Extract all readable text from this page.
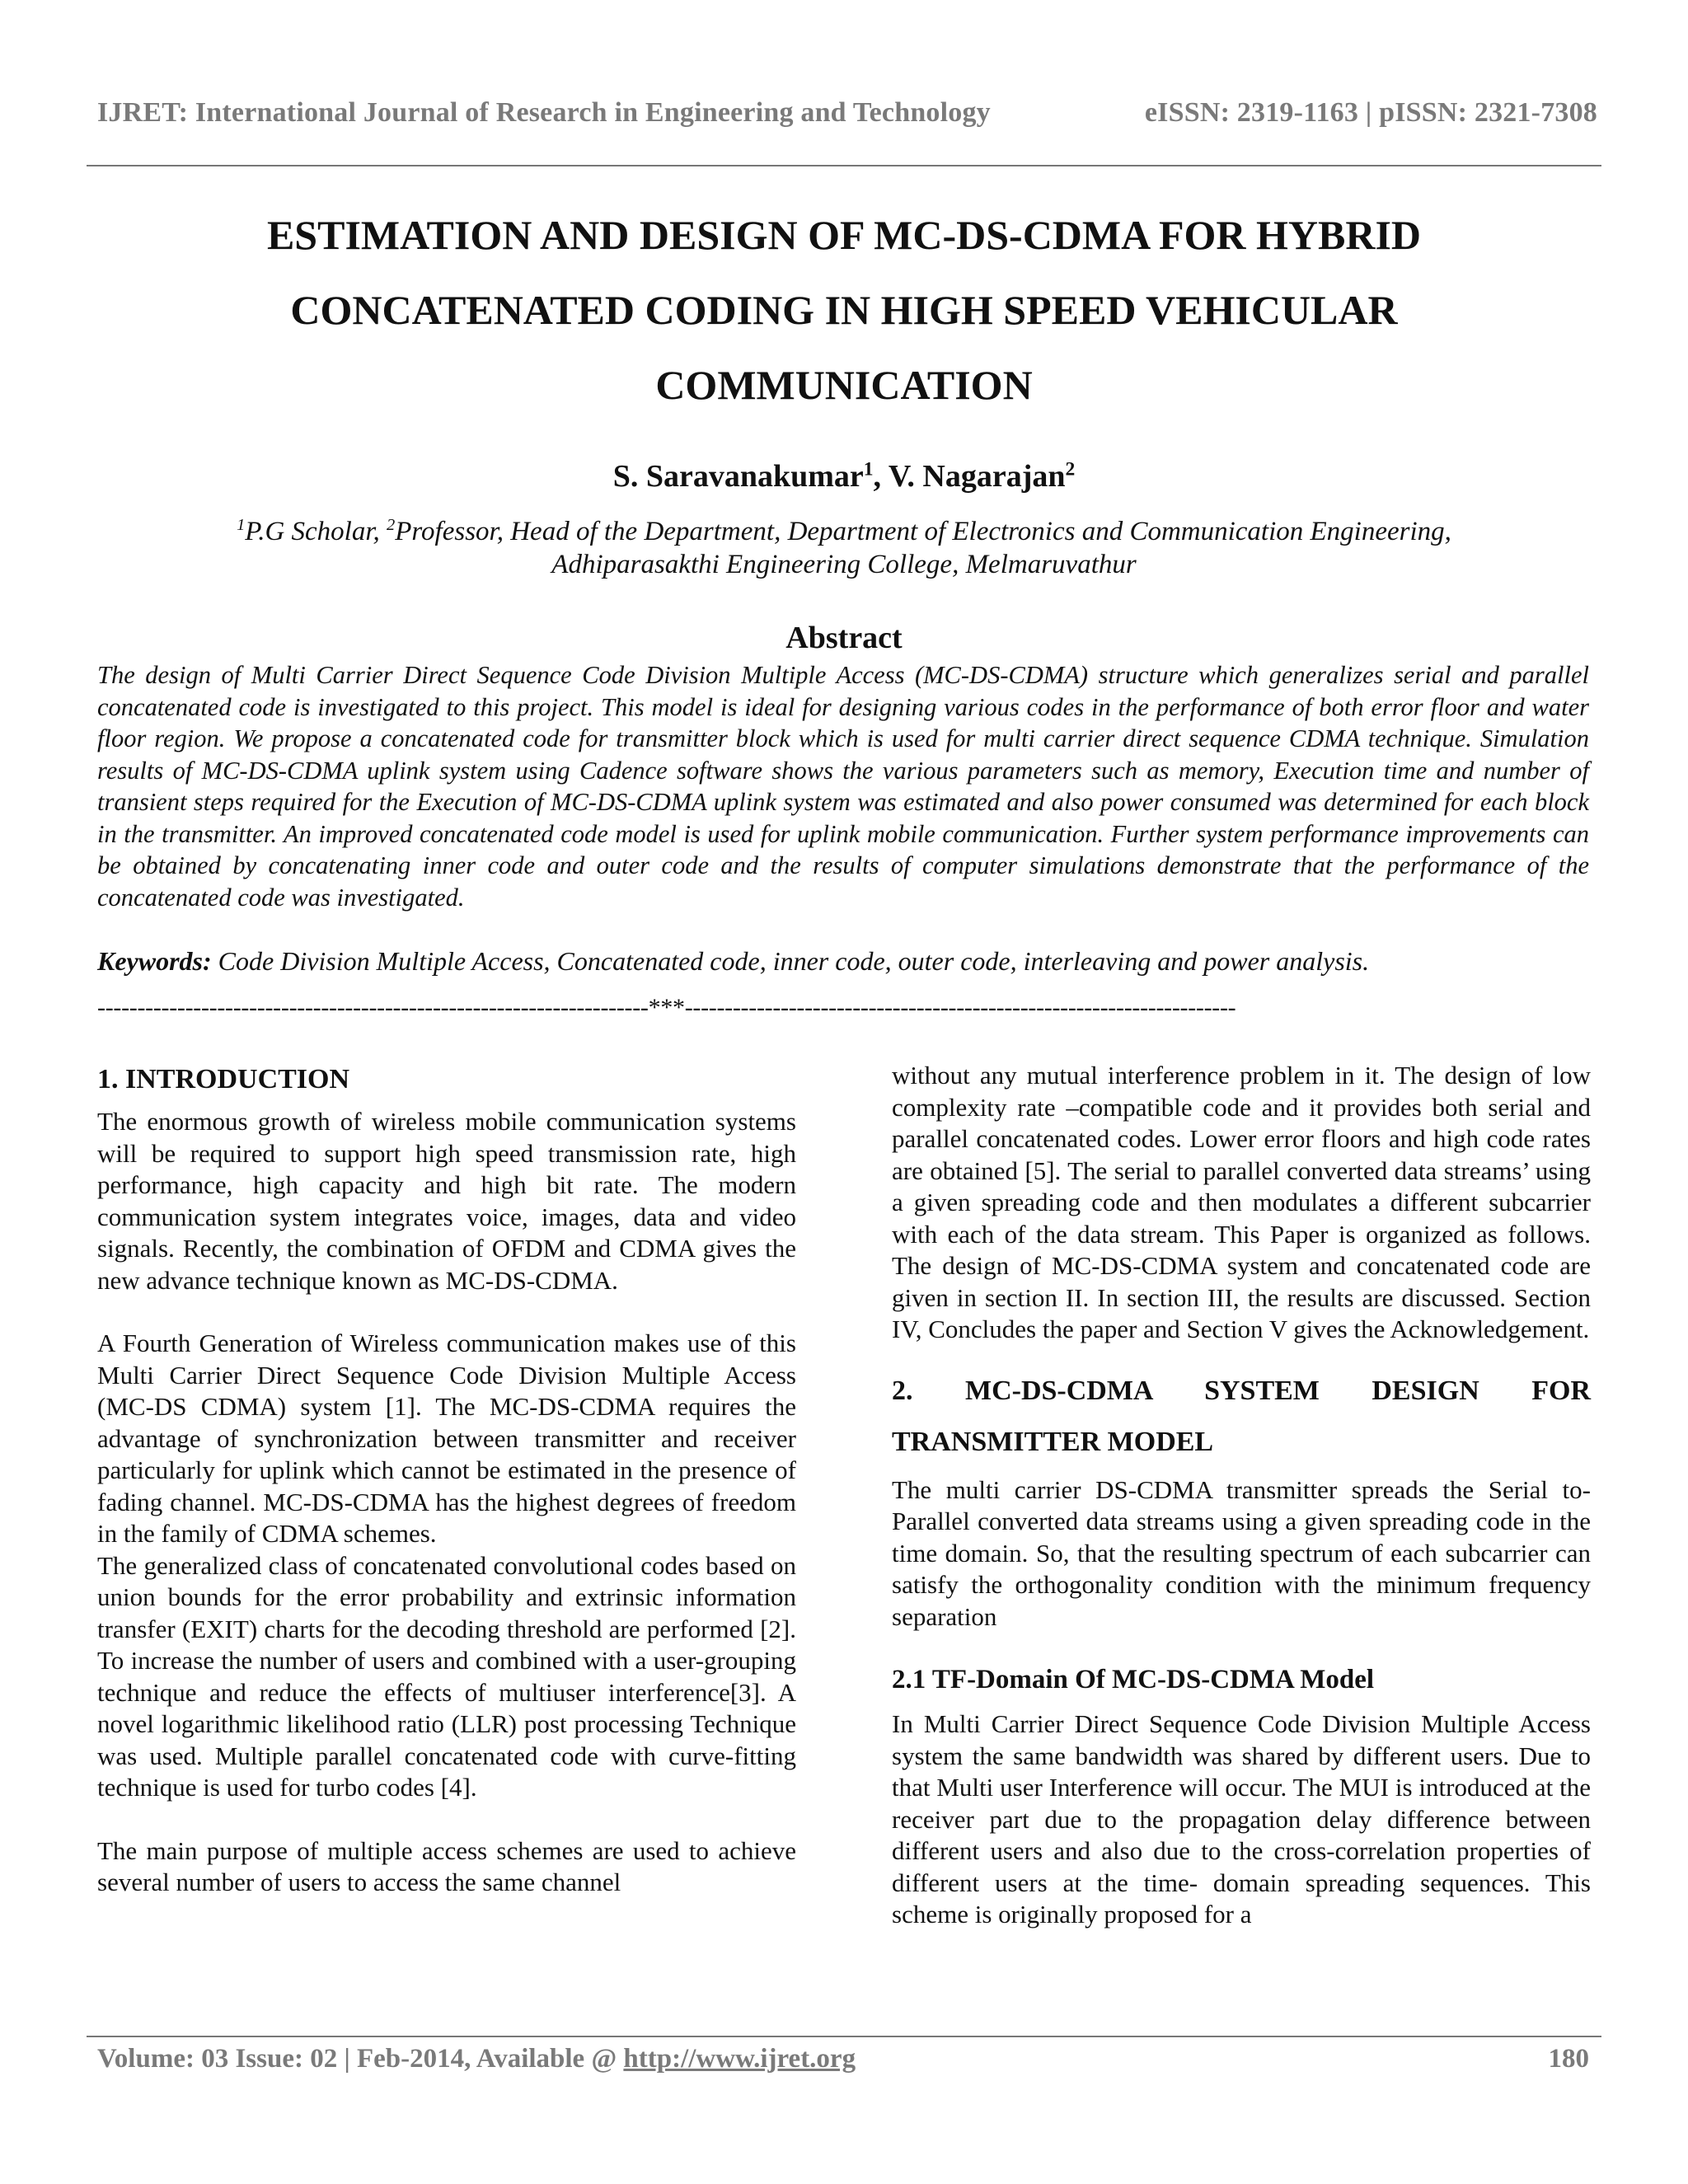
IJRET: International Journal of Research in Engineering and Technology	eISSN: 2319-1163 | pISSN: 2321-7308
ESTIMATION AND DESIGN OF MC-DS-CDMA FOR HYBRID CONCATENATED CODING IN HIGH SPEED VEHICULAR COMMUNICATION
S. Saravanakumar$^1$, V. Nagarajan$^2$
$^1$P.G Scholar, $^2$Professor, Head of the Department, Department of Electronics and Communication Engineering,
Adhiparasakthi Engineering College, Melmaruvathur
Abstract

The design of Multi Carrier Direct Sequence Code Division Multiple Access (MC-DS-CDMA) structure which generalizes serial and parallel concatenated code is investigated to this project. This model is ideal for designing various codes in the performance of both error floor and water floor region. We propose a concatenated code for transmitter block which is used for multi carrier direct sequence CDMA technique. Simulation results of MC-DS-CDMA uplink system using Cadence software shows the various parameters such as memory, Execution time and number of transient steps required for the Execution of MC-DS-CDMA uplink system was estimated and also power consumed was determined for each block in the transmitter. An improved concatenated code model is used for uplink mobile communication. Further system performance improvements can be obtained by concatenating inner code and outer code and the results of computer simulations demonstrate that the performance of the concatenated code was investigated.

Keywords: Code Division Multiple Access, Concatenated code, inner code, outer code, interleaving and power analysis.

---------------------------------------------------------------------***---------------------------------------------------------------------
1. INTRODUCTION

The enormous growth of wireless mobile communication systems will be required to support high speed transmission rate, high performance, high capacity and high bit rate. The modern communication system integrates voice, images, data and video signals. Recently, the combination of OFDM and CDMA gives the new advance technique known as MC-DS-CDMA.

A Fourth Generation of Wireless communication makes use of this Multi Carrier Direct Sequence Code Division Multiple Access (MC-DS CDMA) system [1]. The MC-DS-CDMA requires the advantage of synchronization between transmitter and receiver particularly for uplink which cannot be estimated in the presence of fading channel. MC-DS-CDMA has the highest degrees of freedom in the family of CDMA schemes.

The generalized class of concatenated convolutional codes based on union bounds for the error probability and extrinsic information transfer (EXIT) charts for the decoding threshold are performed [2]. To increase the number of users and combined with a user-grouping technique and reduce the effects of multiuser interference[3]. A novel logarithmic likelihood ratio (LLR) post processing Technique was used. Multiple parallel concatenated code with curve-fitting technique is used for turbo codes [4].

The main purpose of multiple access schemes are used to achieve several number of users to access the same channel

without any mutual interference problem in it. The design of low complexity rate –compatible code and it provides both serial and parallel concatenated codes. Lower error floors and high code rates are obtained [5]. The serial to parallel converted data streams’ using a given spreading code and then modulates a different subcarrier with each of the data stream. This Paper is organized as follows. The design of MC-DS-CDMA system and concatenated code are given in section II. In section III, the results are discussed. Section IV, Concludes the paper and Section V gives the Acknowledgement.

2. MC-DS-CDMA SYSTEM DESIGN FOR
TRANSMITTER MODEL

The multi carrier DS-CDMA transmitter spreads the Serial to-Parallel converted data streams using a given spreading code in the time domain. So, that the resulting spectrum of each subcarrier can satisfy the orthogonality condition with the minimum frequency separation

2.1 TF-Domain Of MC-DS-CDMA Model

In Multi Carrier Direct Sequence Code Division Multiple Access system the same bandwidth was shared by different users. Due to that Multi user Interference will occur. The MUI is introduced at the receiver part due to the propagation delay difference between different users and also due to the cross-correlation properties of different users at the time- domain spreading sequences. This scheme is originally proposed for a

Volume: 03 Issue: 02 | Feb-2014, Available @ http://www.ijret.org	180
